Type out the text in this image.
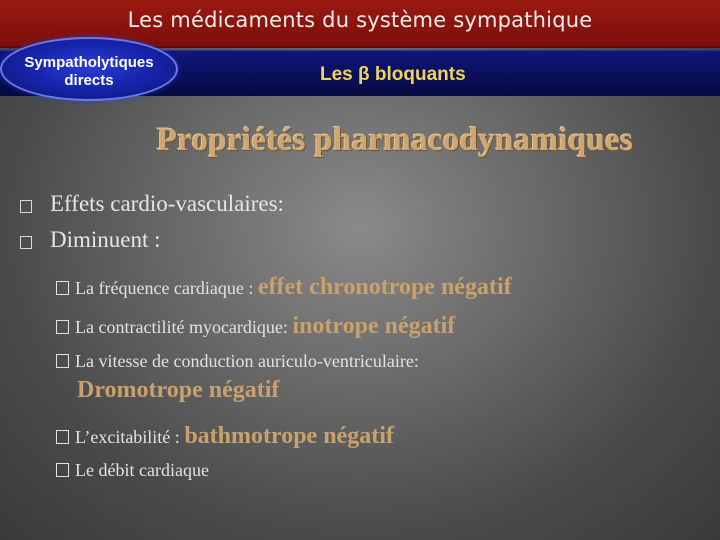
Les médicaments du système sympathique
Les β bloquants
Sympatholytiques
directs
Propriétés pharmacodynamiques
Effets cardio-vasculaires:
Diminuent :
La fréquence cardiaque : effet chronotrope négatif
La contractilité myocardique: inotrope négatif
La vitesse de conduction auriculo-ventriculaire:
Dromotrope négatif
L’excitabilité : bathmotrope négatif
Le débit cardiaque
